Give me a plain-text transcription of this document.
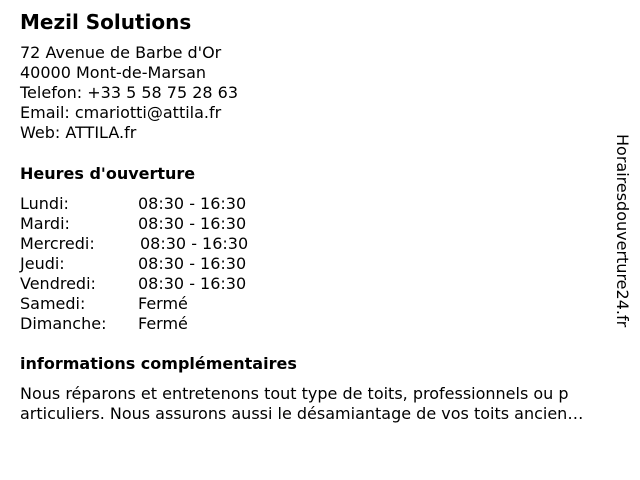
Mezil Solutions
72 Avenue de Barbe d'Or
40000 Mont-de-Marsan
Telefon: +33 5 58 75 28 63
Email: cmariotti@attila.fr
Web: ATTILA.fr
Heures d'ouverture
Lundi:	08:30 - 16:30
Mardi:	08:30 - 16:30
Mercredi:	08:30 - 16:30
Jeudi:	08:30 - 16:30
Vendredi:	08:30 - 16:30
Samedi:	Fermé
Dimanche: Fermé
informations complémentaires
Nous réparons et entretenons tout type de toits, professionnels ou p
articuliers. Nous assurons aussi le désamiantage de vos toits ancien…
Horairesdouverture24.fr
